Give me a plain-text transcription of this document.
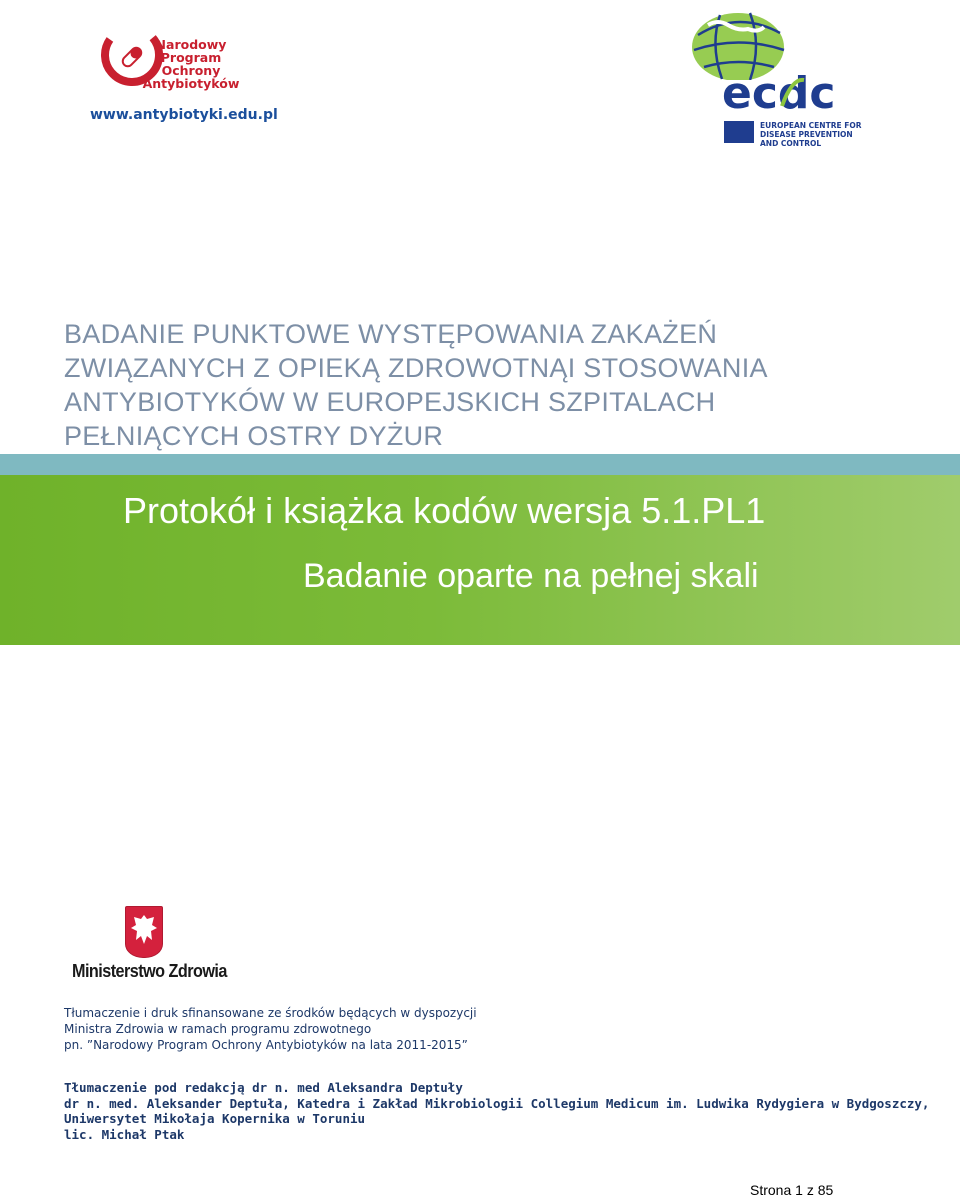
Narodowy
Program
Ochrony
Antybiotyków
www.antybiotyki.edu.pl	ecdc
EUROPEAN CENTRE FOR
DISEASE PREVENTION
AND CONTROL
BADANIE PUNKTOWE WYSTĘPOWANIA ZAKAŻEŃ
ZWIĄZANYCH Z OPIEKĄ ZDROWOTNĄI STOSOWANIA
ANTYBIOTYKÓW W EUROPEJSKICH SZPITALACH
PEŁNIĄCYCH OSTRY DYŻUR
Protokół i książka kodów wersja 5.1.PL1
Badanie oparte na pełnej skali
Ministerstwo Zdrowia

Tłumaczenie i druk sfinansowane ze środków będących w dyspozycji

Ministra Zdrowia w ramach programu zdrowotnego

pn. ”Narodowy Program Ochrony Antybiotyków na lata 2011-2015”

Tłumaczenie pod redakcją dr n. med Aleksandra Deptuły

dr n. med. Aleksander Deptuła, Katedra i Zakład Mikrobiologii Collegium Medicum im. Ludwika Rydygiera w Bydgoszczy,

Uniwersytet Mikołaja Kopernika w Toruniu

lic. Michał Ptak

Strona 1 z 85
